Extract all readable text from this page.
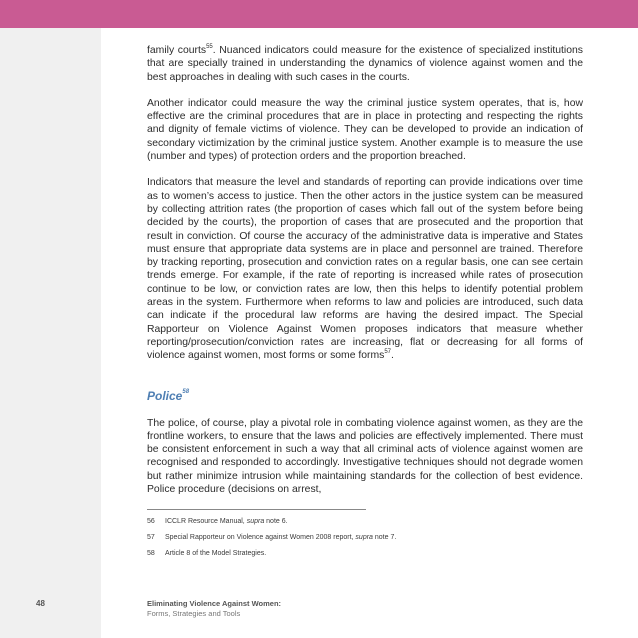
family courts$^{55}$. Nuanced indicators could measure for the existence of specialized institutions that are specially trained in understanding the dynamics of violence against women and the best approaches in dealing with such cases in the courts.

Another indicator could measure the way the criminal justice system operates, that is, how effective are the criminal procedures that are in place in protecting and respecting the rights and dignity of female victims of violence. They can be developed to provide an indication of secondary victimization by the criminal justice system. Another example is to measure the use (number and types) of protection orders and the proportion breached.

Indicators that measure the level and standards of reporting can provide indications over time as to women’s access to justice. Then the other actors in the justice system can be measured by collecting attrition rates (the proportion of cases which fall out of the system before being decided by the courts), the proportion of cases that are prosecuted and the proportion that result in conviction. Of course the accuracy of the administrative data is imperative and States must ensure that appropriate data systems are in place and personnel are trained. Therefore by tracking reporting, prosecution and conviction rates on a regular basis, one can see certain trends emerge. For example, if the rate of reporting is increased while rates of prosecution continue to be low, or conviction rates are low, then this helps to identify potential problem areas in the system. Furthermore when reforms to law and policies are introduced, such data can indicate if the procedural law reforms are having the desired impact. The Special Rapporteur on Violence Against Women proposes indicators that measure whether reporting/prosecution/conviction rates are increasing, flat or decreasing for all forms of violence against women, most forms or some forms$^{57}$.

Police$^{58}$

The police, of course, play a pivotal role in combating violence against women, as they are the frontline workers, to ensure that the laws and policies are effectively implemented. There must be consistent enforcement in such a way that all criminal acts of violence against women are recognised and responded to accordingly. Investigative techniques should not degrade women but rather minimize intrusion while maintaining standards for the collection of best evidence. Police procedure (decisions on arrest,

56	ICCLR Resource Manual, supra note 6.
57	Special Rapporteur on Violence against Women 2008 report, supra note 7.
58	Article 8 of the Model Strategies.
48	Eliminating Violence Against Women:
Forms, Strategies and Tools
